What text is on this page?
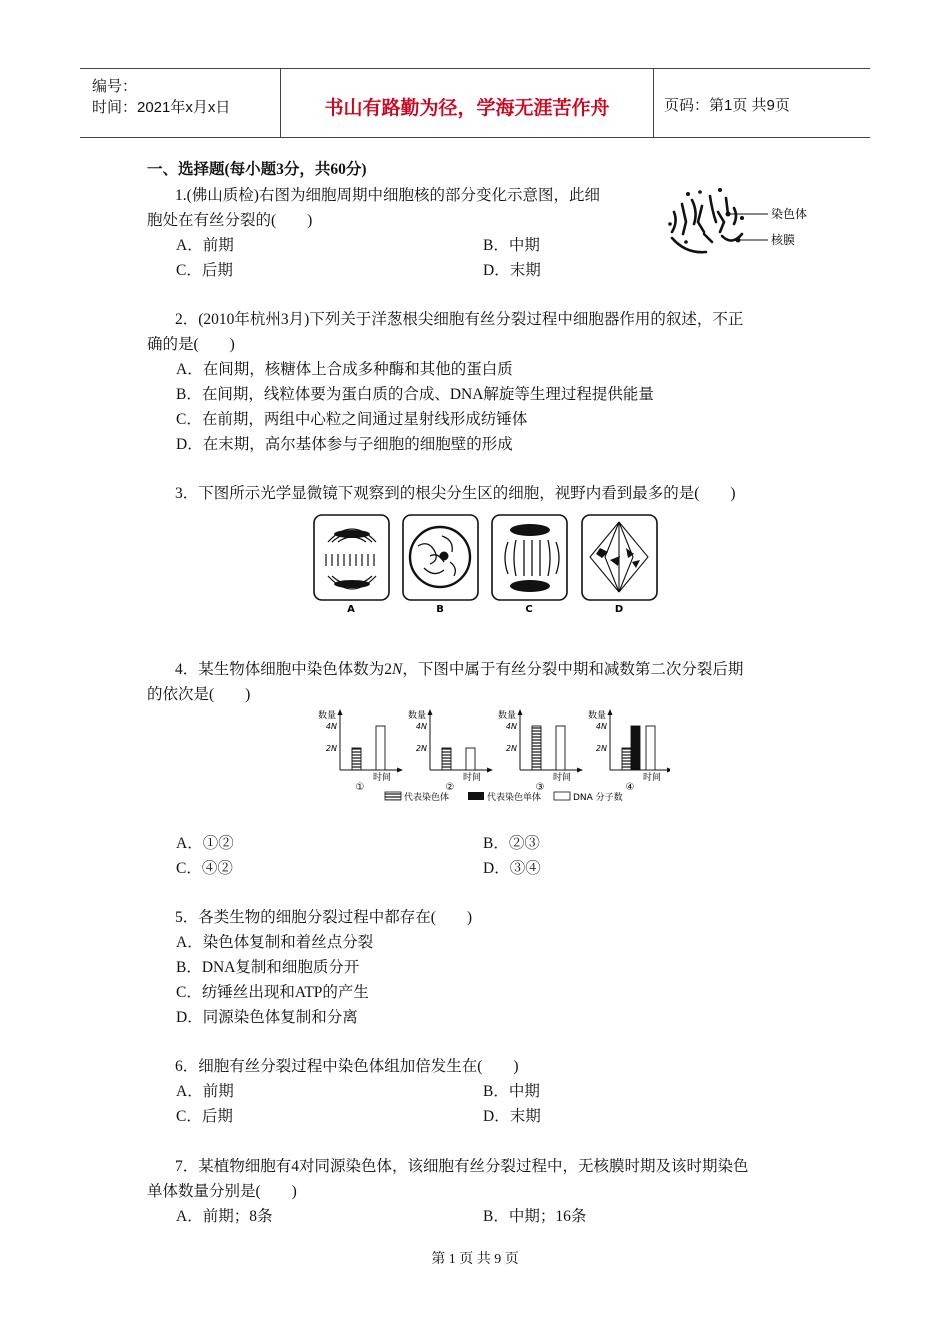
编号：
时间：2021年x月x日	书山有路勤为径，学海无涯苦作舟	页码：第1页 共9页
一、选择题(每小题3分，共60分)
1.(佛山质检)右图为细胞周期中细胞核的部分变化示意图，此细
胞处在有丝分裂的(　　)
A．前期	B．中期
C．后期	D．末期
染色体
核膜
2．(2010年杭州3月)下列关于洋葱根尖细胞有丝分裂过程中细胞器作用的叙述，不正
确的是(　　)
A．在间期，核糖体上合成多种酶和其他的蛋白质
B．在间期，线粒体要为蛋白质的合成、DNA解旋等生理过程提供能量
C．在前期，两组中心粒之间通过星射线形成纺锤体
D．在末期，高尔基体参与子细胞的细胞壁的形成
3．下图所示光学显微镜下观察到的根尖分生区的细胞，视野内看到最多的是(　　)
A	B	C	D
4．某生物体细胞中染色体数为2N，下图中属于有丝分裂中期和减数第二次分裂后期
的依次是(　　)
代表染色体	代表染色单体	DNA 分子数
数量
4N
2N
时间
①
数量
4N
2N
时间
②
数量
4N
2N
时间
③
数量
4N
2N
时间
④
A．①②	B．②③
C．④②	D．③④
5．各类生物的细胞分裂过程中都存在(　　)
A．染色体复制和着丝点分裂
B．DNA复制和细胞质分开
C．纺锤丝出现和ATP的产生
D．同源染色体复制和分离
6．细胞有丝分裂过程中染色体组加倍发生在(　　)
A．前期	B．中期
C．后期	D．末期
7．某植物细胞有4对同源染色体，该细胞有丝分裂过程中，无核膜时期及该时期染色
单体数量分别是(　　)
A．前期；8条	B．中期；16条
第 1 页 共 9 页
